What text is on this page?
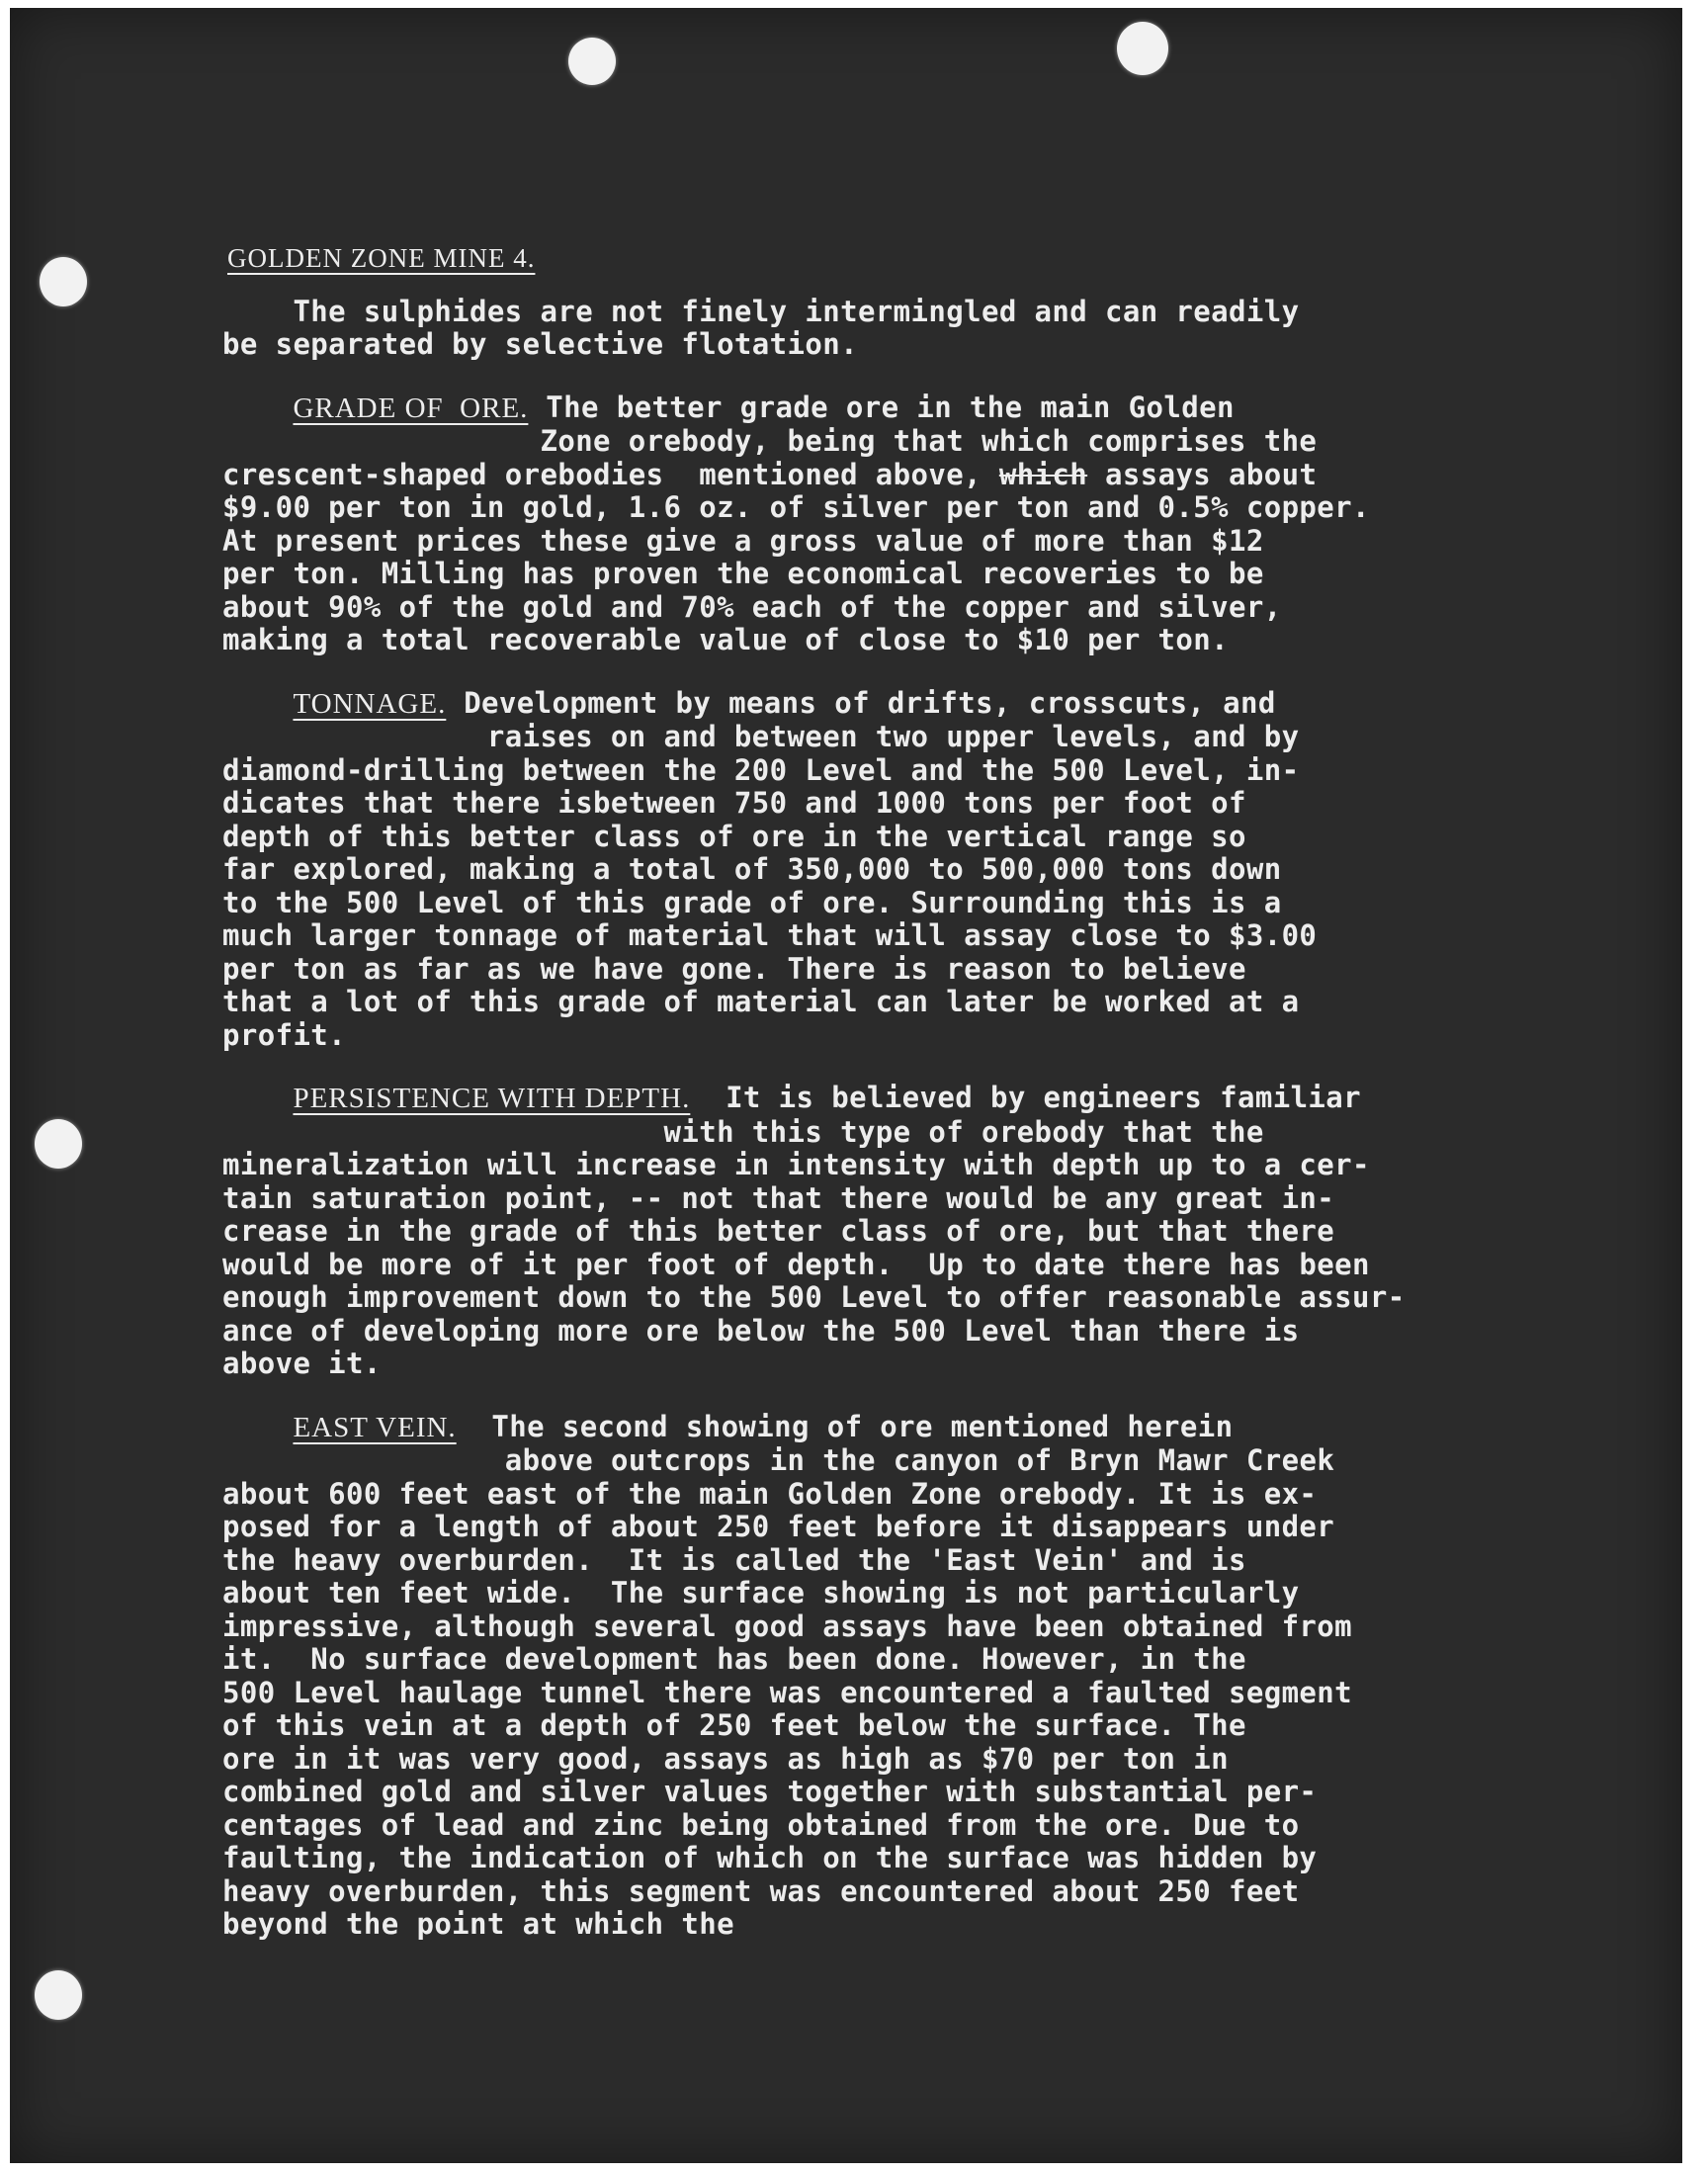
GOLDEN ZONE MINE 4.
The sulphides are not finely intermingled and can readily
be separated by selective flotation.
GRADE OF  ORE. The better grade ore in the main Golden
Zone orebody, being that which comprises the
crescent-shaped orebodies  mentioned above, which assays about
$9.00 per ton in gold, 1.6 oz. of silver per ton and 0.5% copper.
At present prices these give a gross value of more than $12
per ton. Milling has proven the economical recoveries to be
about 90% of the gold and 70% each of the copper and silver,
making a total recoverable value of close to $10 per ton.
TONNAGE. Development by means of drifts, crosscuts, and
raises on and between two upper levels, and by
diamond-drilling between the 200 Level and the 500 Level, in-
dicates that there isbetween 750 and 1000 tons per foot of
depth of this better class of ore in the vertical range so
far explored, making a total of 350,000 to 500,000 tons down
to the 500 Level of this grade of ore. Surrounding this is a
much larger tonnage of material that will assay close to $3.00
per ton as far as we have gone. There is reason to believe
that a lot of this grade of material can later be worked at a
profit.
PERSISTENCE WITH DEPTH.  It is believed by engineers familiar
with this type of orebody that the
mineralization will increase in intensity with depth up to a cer-
tain saturation point, -- not that there would be any great in-
crease in the grade of this better class of ore, but that there
would be more of it per foot of depth.  Up to date there has been
enough improvement down to the 500 Level to offer reasonable assur-
ance of developing more ore below the 500 Level than there is
above it.
EAST VEIN.  The second showing of ore mentioned herein
above outcrops in the canyon of Bryn Mawr Creek
about 600 feet east of the main Golden Zone orebody. It is ex-
posed for a length of about 250 feet before it disappears under
the heavy overburden.  It is called the 'East Vein' and is
about ten feet wide.  The surface showing is not particularly
impressive, although several good assays have been obtained from
it.  No surface development has been done. However, in the
500 Level haulage tunnel there was encountered a faulted segment
of this vein at a depth of 250 feet below the surface. The
ore in it was very good, assays as high as $70 per ton in
combined gold and silver values together with substantial per-
centages of lead and zinc being obtained from the ore. Due to
faulting, the indication of which on the surface was hidden by
heavy overburden, this segment was encountered about 250 feet
beyond the point at which the
